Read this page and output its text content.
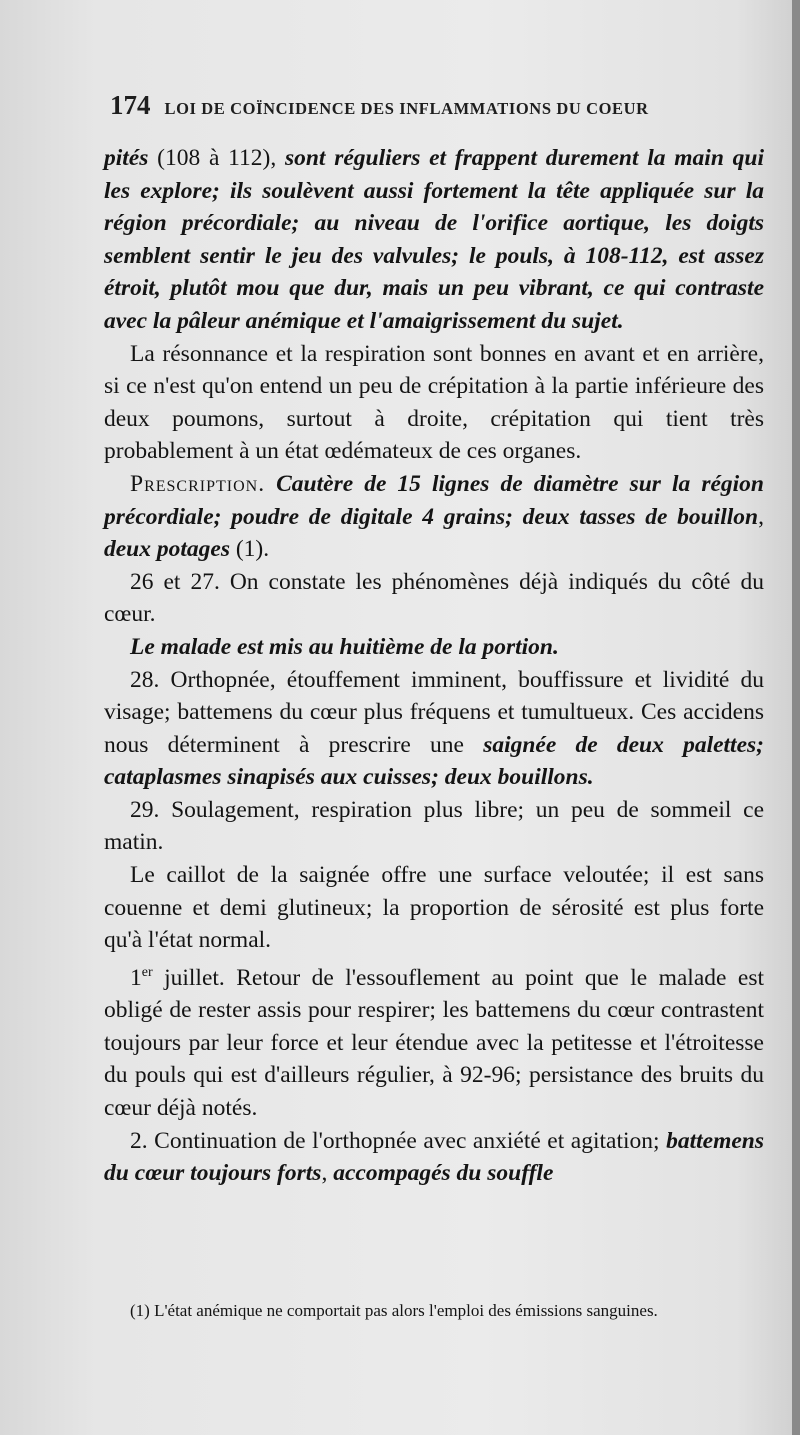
174 LOI DE COÏNCIDENCE DES INFLAMMATIONS DU COEUR

pités (108 à 112), sont réguliers et frappent durement la main qui les explore; ils soulèvent aussi fortement la tête appliquée sur la région précordiale; au niveau de l'orifice aortique, les doigts semblent sentir le jeu des valvules; le pouls, à 108-112, est assez étroit, plutôt mou que dur, mais un peu vibrant, ce qui contraste avec la pâleur anémique et l'amaigrissement du sujet.

La résonnance et la respiration sont bonnes en avant et en arrière, si ce n'est qu'on entend un peu de crépitation à la partie inférieure des deux poumons, surtout à droite, crépitation qui tient très probablement à un état œdémateux de ces organes.

Prescription. Cautère de 15 lignes de diamètre sur la région précordiale; poudre de digitale 4 grains; deux tasses de bouillon, deux potages (1).

26 et 27. On constate les phénomènes déjà indiqués du côté du cœur.

Le malade est mis au huitième de la portion.

28. Orthopnée, étouffement imminent, bouffissure et lividité du visage; battemens du cœur plus fréquens et tumultueux. Ces accidens nous déterminent à prescrire une saignée de deux palettes; cataplasmes sinapisés aux cuisses; deux bouillons.

29. Soulagement, respiration plus libre; un peu de sommeil ce matin.

Le caillot de la saignée offre une surface veloutée; il est sans couenne et demi glutineux; la proportion de sérosité est plus forte qu'à l'état normal.

1er juillet. Retour de l'essouflement au point que le malade est obligé de rester assis pour respirer; les battemens du cœur contrastent toujours par leur force et leur étendue avec la petitesse et l'étroitesse du pouls qui est d'ailleurs régulier, à 92-96; persistance des bruits du cœur déjà notés.

2. Continuation de l'orthopnée avec anxiété et agitation; battemens du cœur toujours forts, accompagés du souffle

(1) L'état anémique ne comportait pas alors l'emploi des émissions sanguines.
